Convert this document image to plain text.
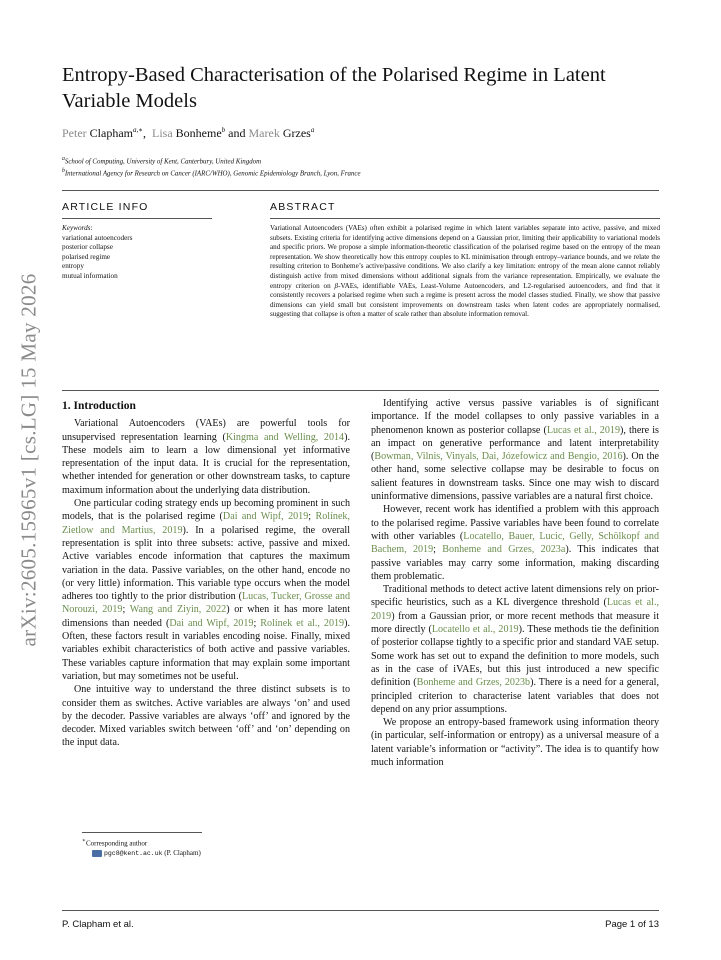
arXiv:2605.15965v1 [cs.LG] 15 May 2026
Entropy-Based Characterisation of the Polarised Regime in Latent Variable Models
Peter Clapham$^{a,∗}$, Lisa Bonheme$^b$ and Marek Grzes$^a$
$^a$School of Computing, University of Kent, Canterbury, United Kingdom
$^b$International Agency for Research on Cancer (IARC/WHO), Genomic Epidemiology Branch, Lyon, France
ARTICLE INFO	ABSTRACT
Keywords:
variational autoencoders
posterior collapse
polarised regime
entropy
mutual information
Variational Autoencoders (VAEs) often exhibit a polarised regime in which latent variables separate into active, passive, and mixed subsets. Existing criteria for identifying active dimensions depend on a Gaussian prior, limiting their applicability to variational models and specific priors. We propose a simple information-theoretic classification of the polarised regime based on the entropy of the mean representation. We show theoretically how this entropy couples to KL minimisation through entropy–variance bounds, and we relate the resulting criterion to Bonheme’s active/passive conditions. We also clarify a key limitation: entropy of the mean alone cannot reliably distinguish active from mixed dimensions without additional signals from the variance representation. Empirically, we evaluate the entropy criterion on β-VAEs, identifiable VAEs, Least-Volume Autoencoders, and L2-regularised autoencoders, and find that it consistently recovers a polarised regime when such a regime is present across the model classes studied. Finally, we show that passive dimensions can yield small but consistent improvements on downstream tasks when latent codes are appropriately normalised, suggesting that collapse is often a matter of scale rather than absolute information removal.
1. Introduction

Variational Autoencoders (VAEs) are powerful tools for unsupervised representation learning (Kingma and Welling, 2014). These models aim to learn a low dimensional yet informative representation of the input data. It is crucial for the representation, whether intended for generation or other downstream tasks, to capture maximum information about the underlying data distribution.

One particular coding strategy ends up becoming prominent in such models, that is the polarised regime (Dai and Wipf, 2019; Rolínek, Zietlow and Martius, 2019). In a polarised regime, the overall representation is split into three subsets: active, passive and mixed. Active variables encode information that captures the maximum variation in the data. Passive variables, on the other hand, encode no (or very little) information. This variable type occurs when the model adheres too tightly to the prior distribution (Lucas, Tucker, Grosse and Norouzi, 2019; Wang and Ziyin, 2022) or when it has more latent dimensions than needed (Dai and Wipf, 2019; Rolínek et al., 2019). Often, these factors result in variables encoding noise. Finally, mixed variables exhibit characteristics of both active and passive variables. These variables capture information that may explain some important variation, but may sometimes not be useful.

One intuitive way to understand the three distinct subsets is to consider them as switches. Active variables are always ‘on’ and used by the decoder. Passive variables are always ‘off’ and ignored by the decoder. Mixed variables switch between ‘off’ and ‘on’ depending on the input data.

∗Corresponding author
pgc8@kent.ac.uk (P. Clapham)

Identifying active versus passive variables is of significant importance. If the model collapses to only passive variables in a phenomenon known as posterior collapse (Lucas et al., 2019), there is an impact on generative performance and latent interpretability (Bowman, Vilnis, Vinyals, Dai, Józefowicz and Bengio, 2016). On the other hand, some selective collapse may be desirable to focus on salient features in downstream tasks. Since one may wish to discard uninformative dimensions, passive variables are a natural first choice.

However, recent work has identified a problem with this approach to the polarised regime. Passive variables have been found to correlate with other variables (Locatello, Bauer, Lucic, Gelly, Schölkopf and Bachem, 2019; Bonheme and Grzes, 2023a). This indicates that passive variables may carry some information, making discarding them problematic.

Traditional methods to detect active latent dimensions rely on prior-specific heuristics, such as a KL divergence threshold (Lucas et al., 2019) from a Gaussian prior, or more recent methods that measure it more directly (Locatello et al., 2019). These methods tie the definition of posterior collapse tightly to a specific prior and standard VAE setup. Some work has set out to expand the definition to more models, such as in the case of iVAEs, but this just introduced a new specific definition (Bonheme and Grzes, 2023b). There is a need for a general, principled criterion to characterise latent variables that does not depend on any prior assumptions.

We propose an entropy-based framework using information theory (in particular, self-information or entropy) as a universal measure of a latent variable’s information or “activity”. The idea is to quantify how much information

P. Clapham et al.	Page 1 of 13
